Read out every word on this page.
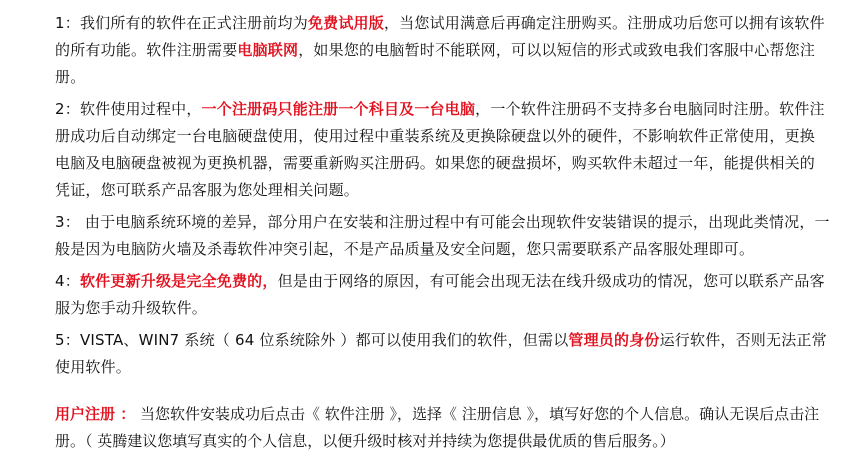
1：我们所有的软件在正式注册前均为免费试用版，当您试用满意后再确定注册购买。注册成功后您可以拥有该软件的所有功能。软件注册需要电脑联网，如果您的电脑暂时不能联网，可以以短信的形式或致电我们客服中心帮您注册。

2：软件使用过程中，一个注册码只能注册一个科目及一台电脑，一个软件注册码不支持多台电脑同时注册。软件注册成功后自动绑定一台电脑硬盘使用，使用过程中重装系统及更换除硬盘以外的硬件，不影响软件正常使用，更换电脑及电脑硬盘被视为更换机器，需要重新购买注册码。如果您的硬盘损坏，购买软件未超过一年，能提供相关的凭证，您可联系产品客服为您处理相关问题。

3： 由于电脑系统环境的差异，部分用户在安装和注册过程中有可能会出现软件安装错误的提示，出现此类情况，一般是因为电脑防火墙及杀毒软件冲突引起，不是产品质量及安全问题，您只需要联系产品客服处理即可。

4：软件更新升级是完全免费的，但是由于网络的原因，有可能会出现无法在线升级成功的情况，您可以联系产品客服为您手动升级软件。

5：VISTA、WIN7 系统（ 64 位系统除外 ）都可以使用我们的软件，但需以管理员的身份运行软件，否则无法正常使用软件。

用户注册 ： 当您软件安装成功后点击《 软件注册 》，选择《 注册信息 》，填写好您的个人信息。确认无误后点击注册。（ 英腾建议您填写真实的个人信息，以便升级时核对并持续为您提供最优质的售后服务。）
